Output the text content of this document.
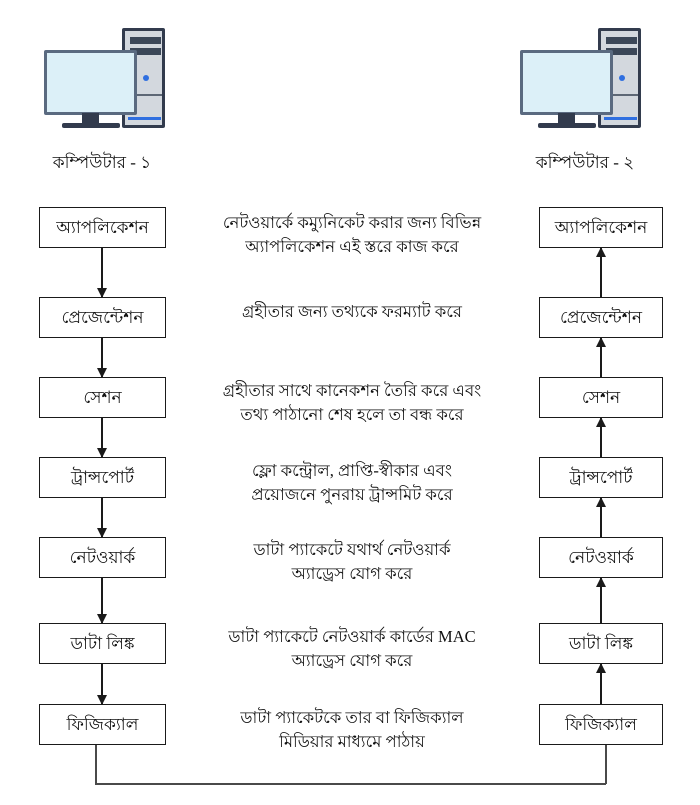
কম্পিউটার - ১	কম্পিউটার - ২
অ্যাপলিকেশন
প্রেজেন্টেশন
সেশন
ট্রান্সপোর্ট
নেটওয়ার্ক
ডাটা লিঙ্ক
ফিজিক্যাল
অ্যাপলিকেশন
প্রেজেন্টেশন
সেশন
ট্রান্সপোর্ট
নেটওয়ার্ক
ডাটা লিঙ্ক
ফিজিক্যাল
নেটওয়ার্কে কম্যুনিকেট করার জন্য বিভিন্ন
অ্যাপলিকেশন এই স্তরে কাজ করে
গ্রহীতার জন্য তথ্যকে ফরম্যাট করে
গ্রহীতার সাথে কানেকশন তৈরি করে এবং
তথ্য পাঠানো শেষ হলে তা বন্ধ করে
ফ্লো কন্ট্রোল, প্রাপ্তি-স্বীকার এবং
প্রয়োজনে পুনরায় ট্রান্সমিট করে
ডাটা প্যাকেটে যথার্থ নেটওয়ার্ক
অ্যাড্রেস যোগ করে
ডাটা প্যাকেটে নেটওয়ার্ক কার্ডের MAC
অ্যাড্রেস যোগ করে
ডাটা প্যাকেটকে তার বা ফিজিক্যাল
মিডিয়ার মাধ্যমে পাঠায়
